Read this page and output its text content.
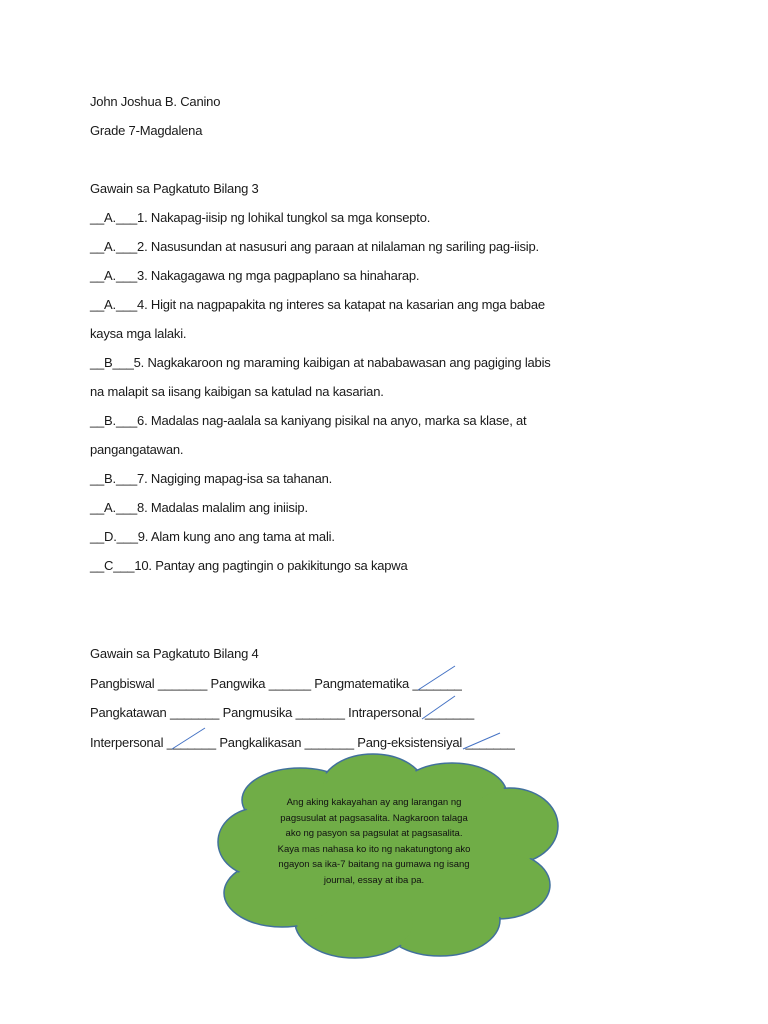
John Joshua B. Canino
Grade 7-Magdalena
Gawain sa Pagkatuto Bilang 3
__A.___1. Nakapag-iisip ng lohikal tungkol sa mga konsepto.
__A.___2. Nasusundan at nasusuri ang paraan at nilalaman ng sariling pag-iisip.
__A.___3. Nakagagawa ng mga pagpaplano sa hinaharap.
__A.___4. Higit na nagpapakita ng interes sa katapat na kasarian ang mga babae
kaysa mga lalaki.
__B___5. Nagkakaroon ng maraming kaibigan at nababawasan ang pagiging labis
na malapit sa iisang kaibigan sa katulad na kasarian.
__B.___6. Madalas nag-aalala sa kaniyang pisikal na anyo, marka sa klase, at
pangangatawan.
__B.___7. Nagiging mapag-isa sa tahanan.
__A.___8. Madalas malalim ang iniisip.
__D.___9. Alam kung ano ang tama at mali.
__C___10. Pantay ang pagtingin o pakikitungo sa kapwa
Gawain sa Pagkatuto Bilang 4
Pangbiswal _______ Pangwika ______ Pangmatematika _______
Pangkatawan _______ Pangmusika _______ Intrapersonal _______
Interpersonal _______ Pangkalikasan _______ Pang-eksistensiyal _______
Ang aking kakayahan ay ang larangan ng pagsusulat at pagsasalita. Nagkaroon talaga ako ng pasyon sa pagsulat at pagsasalita. Kaya mas nahasa ko ito ng nakatungtong ako ngayon sa ika-7 baitang na gumawa ng isang journal, essay at iba pa.
